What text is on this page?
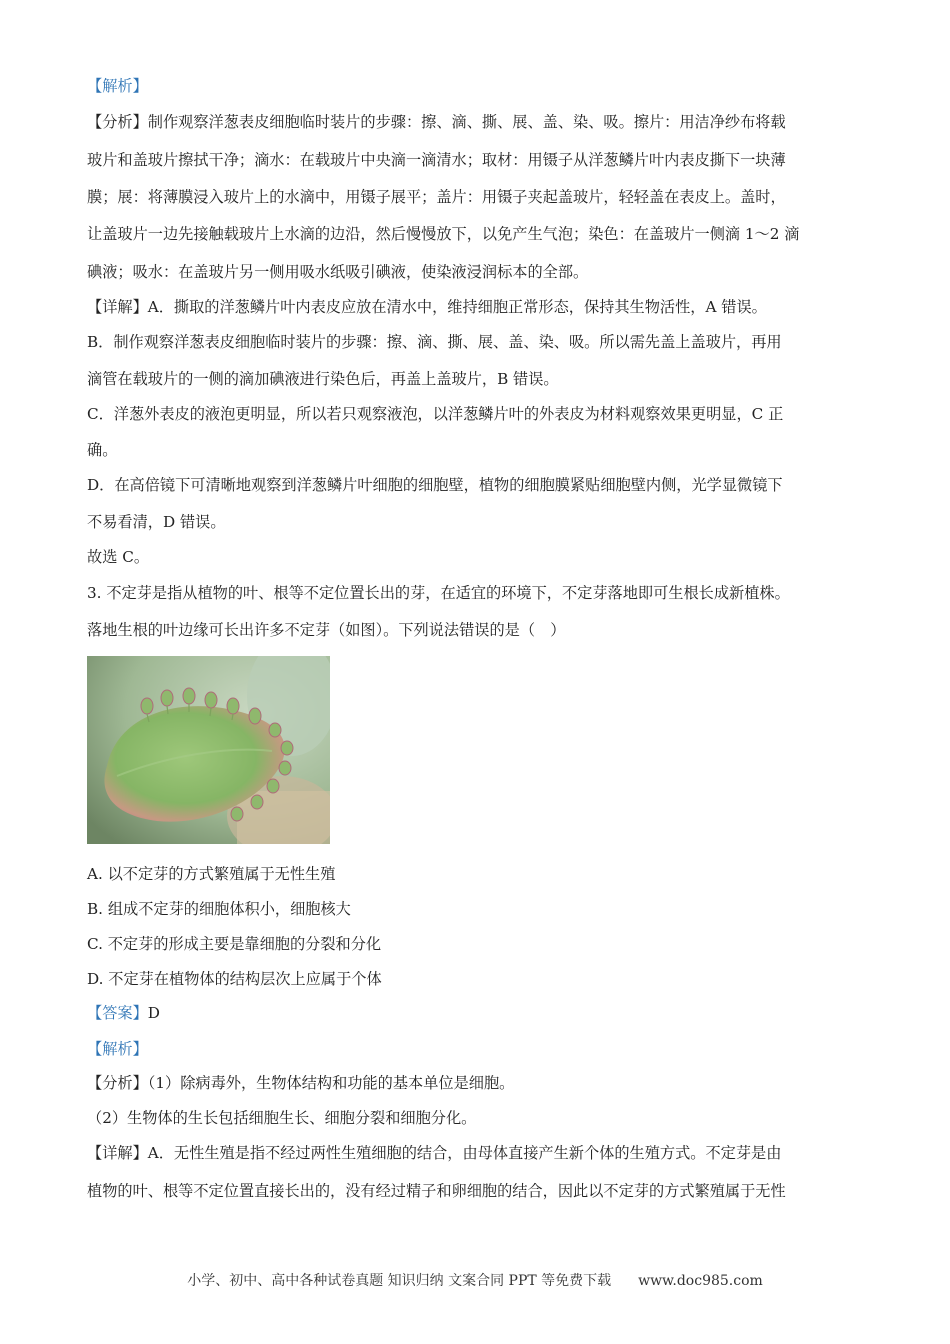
【解析】
【分析】制作观察洋葱表皮细胞临时装片的步骤：擦、滴、撕、展、盖、染、吸。擦片：用洁净纱布将载
玻片和盖玻片擦拭干净；滴水：在载玻片中央滴一滴清水；取材：用镊子从洋葱鳞片叶内表皮撕下一块薄
膜；展：将薄膜浸入玻片上的水滴中，用镊子展平；盖片：用镊子夹起盖玻片，轻轻盖在表皮上。盖时，
让盖玻片一边先接触载玻片上水滴的边沿，然后慢慢放下，以免产生气泡；染色：在盖玻片一侧滴 1～2 滴
碘液；吸水：在盖玻片另一侧用吸水纸吸引碘液，使染液浸润标本的全部。
【详解】A．撕取的洋葱鳞片叶内表皮应放在清水中，维持细胞正常形态，保持其生物活性，A 错误。
B．制作观察洋葱表皮细胞临时装片的步骤：擦、滴、撕、展、盖、染、吸。所以需先盖上盖玻片，再用
滴管在载玻片的一侧的滴加碘液进行染色后，再盖上盖玻片，B 错误。
C．洋葱外表皮的液泡更明显，所以若只观察液泡，以洋葱鳞片叶的外表皮为材料观察效果更明显，C 正
确。
D．在高倍镜下可清晰地观察到洋葱鳞片叶细胞的细胞壁，植物的细胞膜紧贴细胞壁内侧，光学显微镜下
不易看清，D 错误。
故选 C。
3. 不定芽是指从植物的叶、根等不定位置长出的芽，在适宜的环境下，不定芽落地即可生根长成新植株。
落地生根的叶边缘可长出许多不定芽（如图）。下列说法错误的是（　）
A. 以不定芽的方式繁殖属于无性生殖
B. 组成不定芽的细胞体积小，细胞核大
C. 不定芽的形成主要是靠细胞的分裂和分化
D. 不定芽在植物体的结构层次上应属于个体
【答案】D
【解析】
【分析】（1）除病毒外，生物体结构和功能的基本单位是细胞。
（2）生物体的生长包括细胞生长、细胞分裂和细胞分化。
【详解】A．无性生殖是指不经过两性生殖细胞的结合，由母体直接产生新个体的生殖方式。不定芽是由
植物的叶、根等不定位置直接长出的，没有经过精子和卵细胞的结合，因此以不定芽的方式繁殖属于无性
小学、初中、高中各种试卷真题 知识归纳 文案合同 PPT 等免费下载 www.doc985.com
